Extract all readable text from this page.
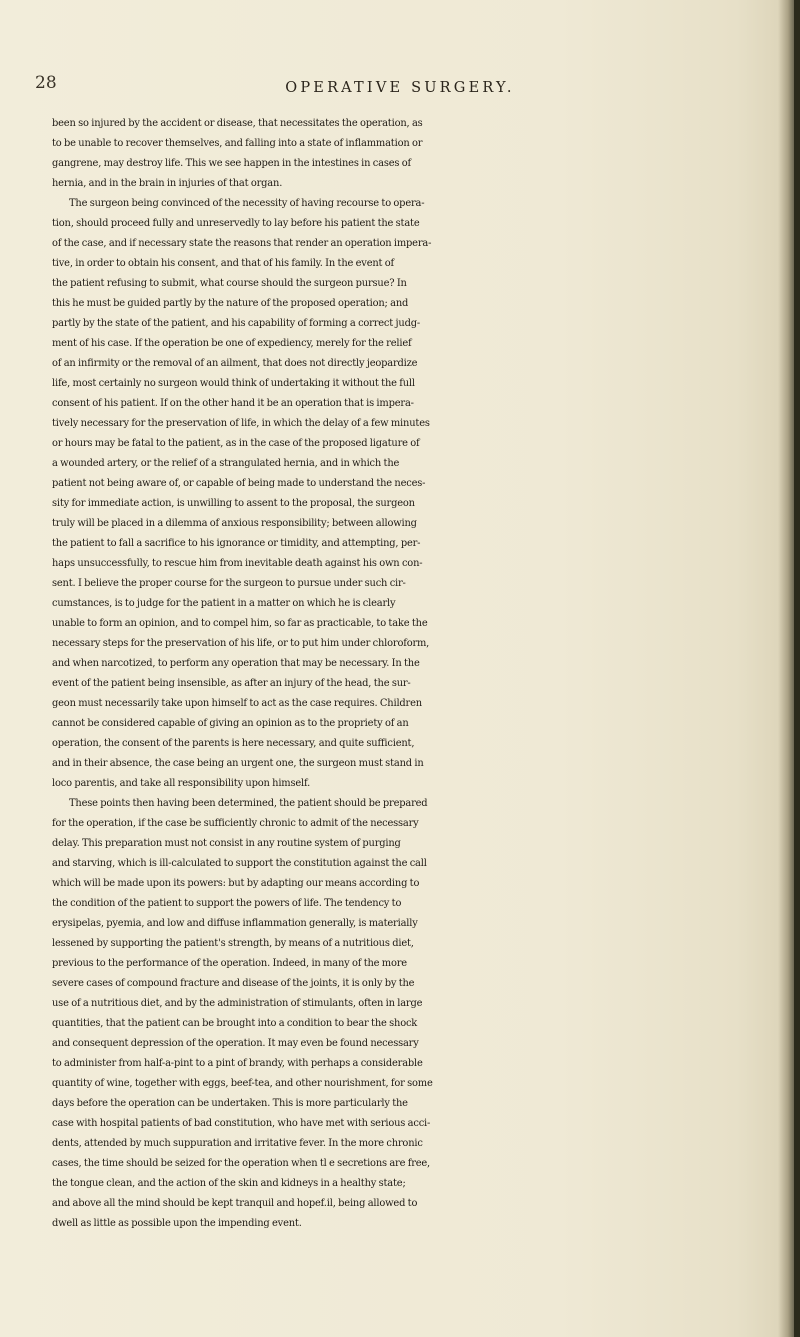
28	OPERATIVE SURGERY.
been so injured by the accident or disease, that necessitates the operation, as
to be unable to recover themselves, and falling into a state of inflammation or
gangrene, may destroy life. This we see happen in the intestines in cases of
hernia, and in the brain in injuries of that organ.
The surgeon being convinced of the necessity of having recourse to opera-
tion, should proceed fully and unreservedly to lay before his patient the state
of the case, and if necessary state the reasons that render an operation impera-
tive, in order to obtain his consent, and that of his family. In the event of
the patient refusing to submit, what course should the surgeon pursue? In
this he must be guided partly by the nature of the proposed operation; and
partly by the state of the patient, and his capability of forming a correct judg-
ment of his case. If the operation be one of expediency, merely for the relief
of an infirmity or the removal of an ailment, that does not directly jeopardize
life, most certainly no surgeon would think of undertaking it without the full
consent of his patient. If on the other hand it be an operation that is impera-
tively necessary for the preservation of life, in which the delay of a few minutes
or hours may be fatal to the patient, as in the case of the proposed ligature of
a wounded artery, or the relief of a strangulated hernia, and in which the
patient not being aware of, or capable of being made to understand the neces-
sity for immediate action, is unwilling to assent to the proposal, the surgeon
truly will be placed in a dilemma of anxious responsibility; between allowing
the patient to fall a sacrifice to his ignorance or timidity, and attempting, per-
haps unsuccessfully, to rescue him from inevitable death against his own con-
sent. I believe the proper course for the surgeon to pursue under such cir-
cumstances, is to judge for the patient in a matter on which he is clearly
unable to form an opinion, and to compel him, so far as practicable, to take the
necessary steps for the preservation of his life, or to put him under chloroform,
and when narcotized, to perform any operation that may be necessary. In the
event of the patient being insensible, as after an injury of the head, the sur-
geon must necessarily take upon himself to act as the case requires. Children
cannot be considered capable of giving an opinion as to the propriety of an
operation, the consent of the parents is here necessary, and quite sufficient,
and in their absence, the case being an urgent one, the surgeon must stand in
loco parentis, and take all responsibility upon himself.
These points then having been determined, the patient should be prepared
for the operation, if the case be sufficiently chronic to admit of the necessary
delay. This preparation must not consist in any routine system of purging
and starving, which is ill-calculated to support the constitution against the call
which will be made upon its powers: but by adapting our means according to
the condition of the patient to support the powers of life. The tendency to
erysipelas, pyemia, and low and diffuse inflammation generally, is materially
lessened by supporting the patient's strength, by means of a nutritious diet,
previous to the performance of the operation. Indeed, in many of the more
severe cases of compound fracture and disease of the joints, it is only by the
use of a nutritious diet, and by the administration of stimulants, often in large
quantities, that the patient can be brought into a condition to bear the shock
and consequent depression of the operation. It may even be found necessary
to administer from half-a-pint to a pint of brandy, with perhaps a considerable
quantity of wine, together with eggs, beef-tea, and other nourishment, for some
days before the operation can be undertaken. This is more particularly the
case with hospital patients of bad constitution, who have met with serious acci-
dents, attended by much suppuration and irritative fever. In the more chronic
cases, the time should be seized for the operation when tl e secretions are free,
the tongue clean, and the action of the skin and kidneys in a healthy state;
and above all the mind should be kept tranquil and hopef.il, being allowed to
dwell as little as possible upon the impending event.
